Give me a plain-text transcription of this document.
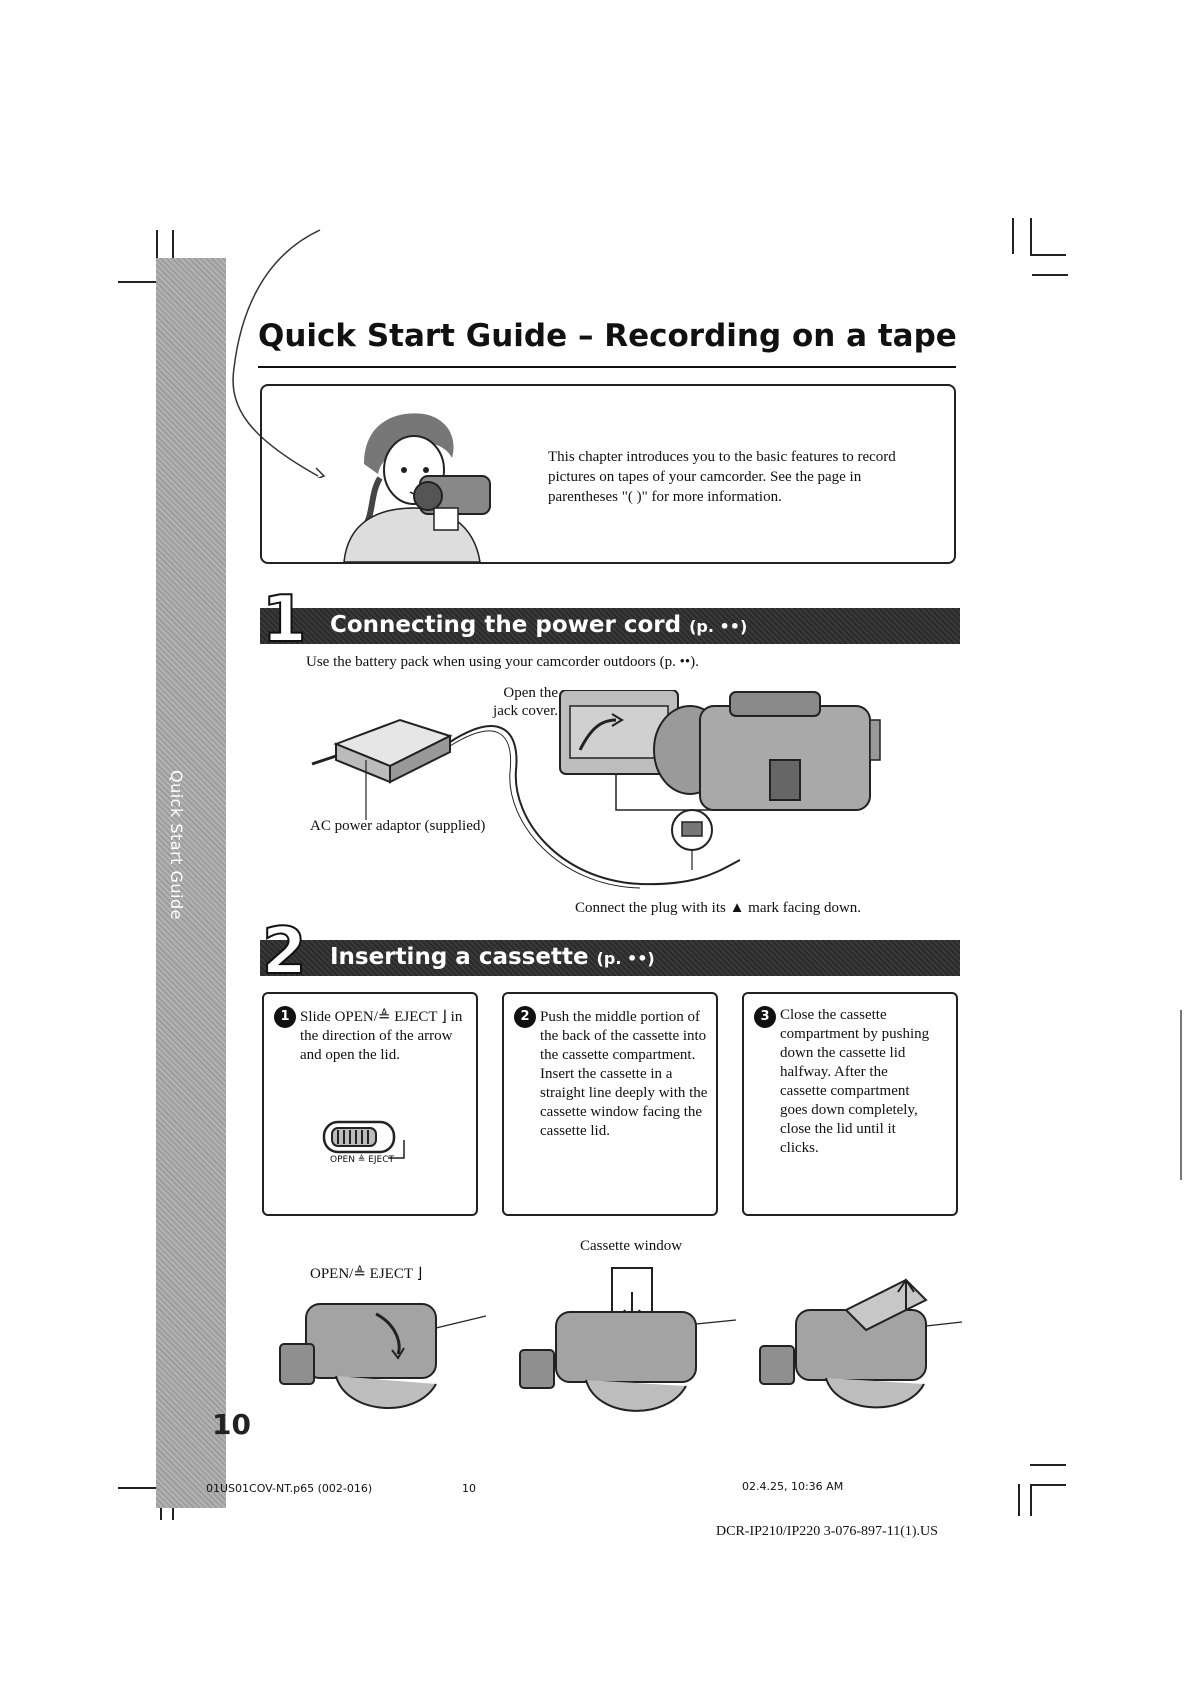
Quick Start Guide
10
Quick Start Guide – Recording on a tape
This chapter introduces you to the basic features to record pictures on tapes of your camcorder. See the page in parentheses "( )" for more information.
Connecting the power cord (p. ••)
1
Use the battery pack when using your camcorder outdoors (p. ••).
Open the jack cover.
AC power adaptor (supplied)
Connect the plug with its ▲ mark facing down.
Inserting a cassette (p. ••)
2
1 Slide OPEN/≜ EJECT ⌋ in the direction of the arrow and open the lid.
OPEN ≜ EJECT
2 Push the middle portion of the back of the cassette into the cassette compartment. Insert the cassette in a straight line deeply with the cassette window facing the cassette lid.
3 Close the cassette compartment by pushing down the cassette lid halfway. After the cassette compartment goes down completely, close the lid until it clicks.
OPEN/≜ EJECT ⌋
Cassette window
01US01COV-NT.p65 (002-016)	10	02.4.25, 10:36 AM
DCR-IP210/IP220 3-076-897-11(1).US
